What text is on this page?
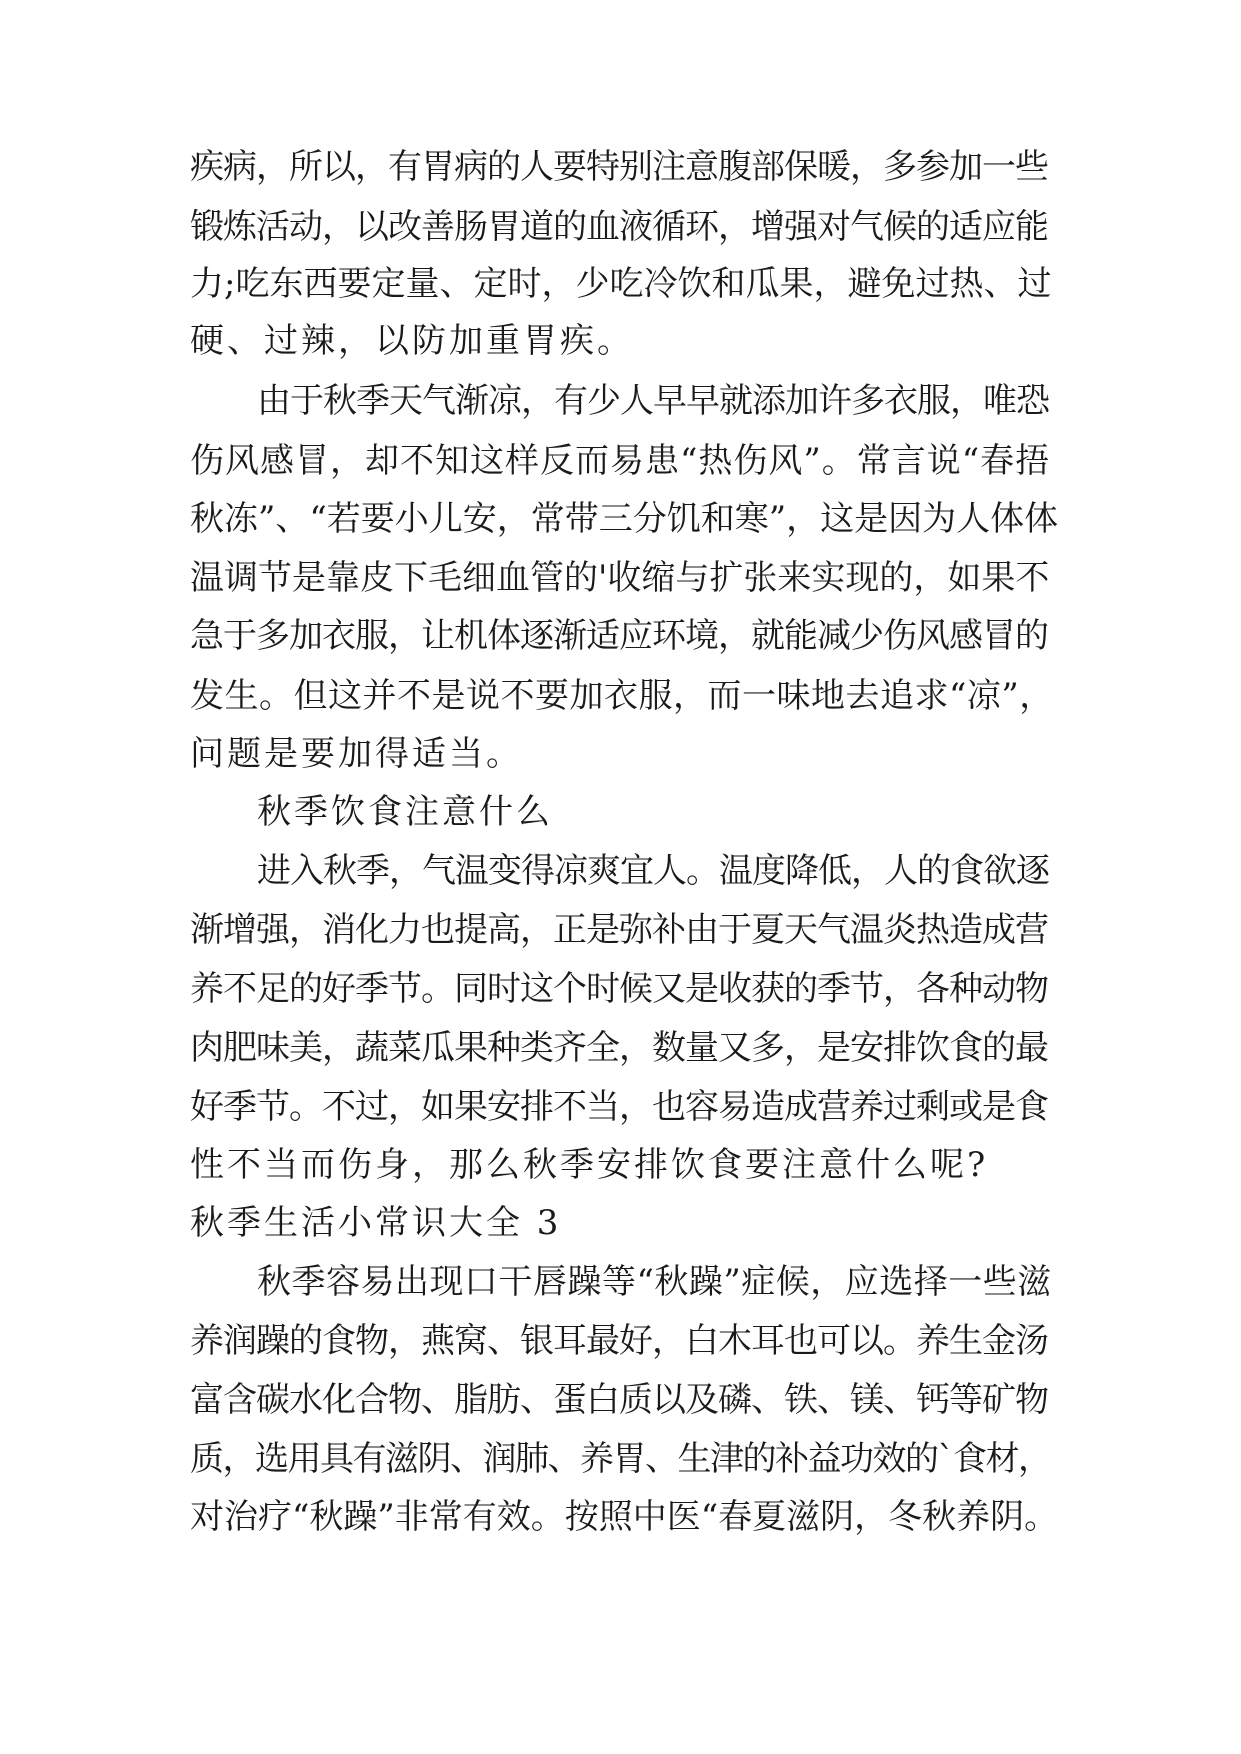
疾病，所以，有胃病的人要特别注意腹部保暖，多参加一些
锻炼活动，以改善肠胃道的血液循环，增强对气候的适应能
力;吃东西要定量、定时，少吃冷饮和瓜果，避免过热、过
硬、过辣，以防加重胃疾。
由于秋季天气渐凉，有少人早早就添加许多衣服，唯恐
伤风感冒，却不知这样反而易患“热伤风”。常言说“春捂
秋冻”、“若要小儿安，常带三分饥和寒”，这是因为人体体
温调节是靠皮下毛细血管的'收缩与扩张来实现的，如果不
急于多加衣服，让机体逐渐适应环境，就能减少伤风感冒的
发生。但这并不是说不要加衣服，而一味地去追求“凉”，
问题是要加得适当。
秋季饮食注意什么
进入秋季，气温变得凉爽宜人。温度降低，人的食欲逐
渐增强，消化力也提高，正是弥补由于夏天气温炎热造成营
养不足的好季节。同时这个时候又是收获的季节，各种动物
肉肥味美，蔬菜瓜果种类齐全，数量又多，是安排饮食的最
好季节。不过，如果安排不当，也容易造成营养过剩或是食
性不当而伤身，那么秋季安排饮食要注意什么呢?
秋季生活小常识大全 3
秋季容易出现口干唇躁等“秋躁”症候，应选择一些滋
养润躁的食物，燕窝、银耳最好，白木耳也可以。养生金汤
富含碳水化合物、脂肪、蛋白质以及磷、铁、镁、钙等矿物
质，选用具有滋阴、润肺、养胃、生津的补益功效的`食材，
对治疗“秋躁”非常有效。按照中医“春夏滋阴，冬秋养阴。
